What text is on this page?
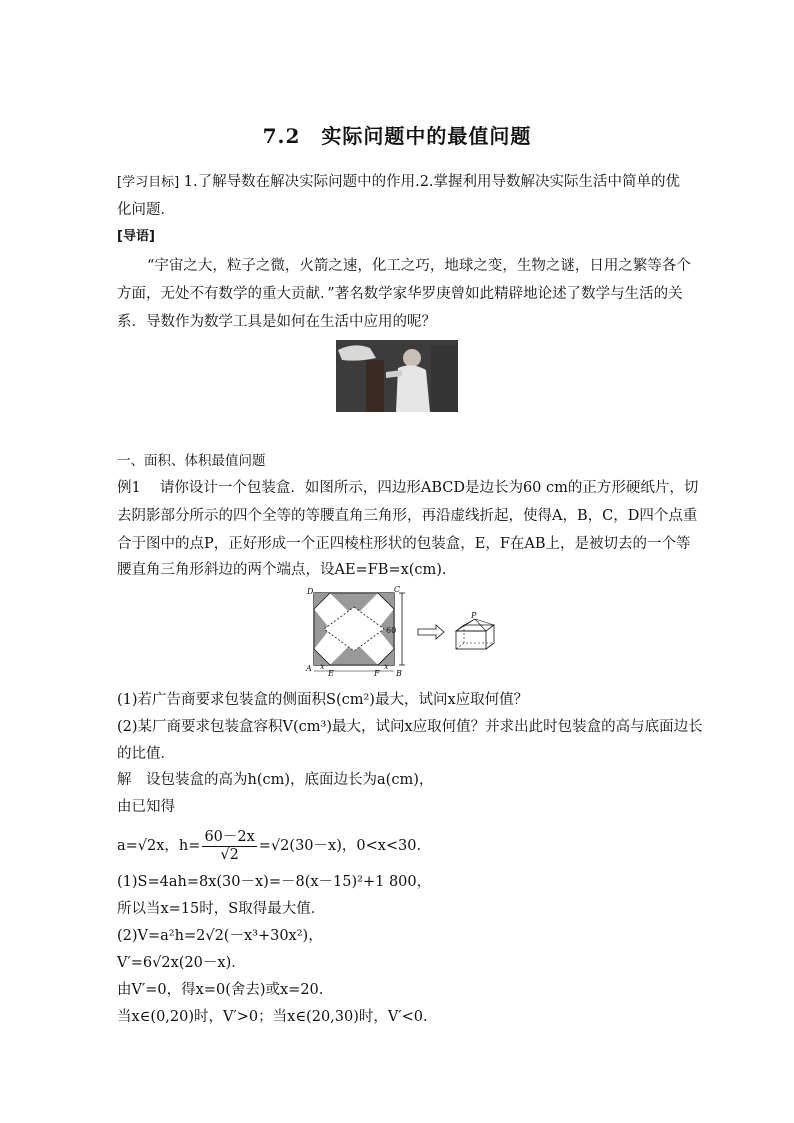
7.2　实际问题中的最值问题
[学习目标] 1.了解导数在解决实际问题中的作用.2.掌握利用导数解决实际生活中简单的优
化问题．
[导语]
“宇宙之大，粒子之微，火箭之速，化工之巧，地球之变，生物之谜，日用之繁等各个
方面，无处不有数学的重大贡献．”著名数学家华罗庚曾如此精辟地论述了数学与生活的关
系．导数作为数学工具是如何在生活中应用的呢？
一、面积、体积最值问题
例1　 请你设计一个包装盒．如图所示，四边形ABCD是边长为60 cm的正方形硬纸片，切
去阴影部分所示的四个全等的等腰直角三角形，再沿虚线折起，使得A，B，C，D四个点重
合于图中的点P，正好形成一个正四棱柱形状的包装盒，E，F在AB上，是被切去的一个等
腰直角三角形斜边的两个端点，设AE=FB=x(cm).
D	C
A
E	F B
x	x
P
60
(1)若广告商要求包装盒的侧面积S(cm²)最大，试问x应取何值？
(2)某厂商要求包装盒容积V(cm³)最大，试问x应取何值？并求出此时包装盒的高与底面边长
的比值．
解　设包装盒的高为h(cm)，底面边长为a(cm)，
由已知得
a=√2x，$h= \frac{60-2x}{√2} =√2(30-x)$，0<x<30.
(1)S=4ah=8x(30－x)=－8(x－15)²+1 800，
所以当x=15时，S取得最大值．
(2)V=a²h=2√2(－x³+30x²)，
V′=6√2x(20－x)．
由V′=0，得x=0(舍去)或x=20.
当x∈(0,20)时，V′>0；当x∈(20,30)时，V′<0.
